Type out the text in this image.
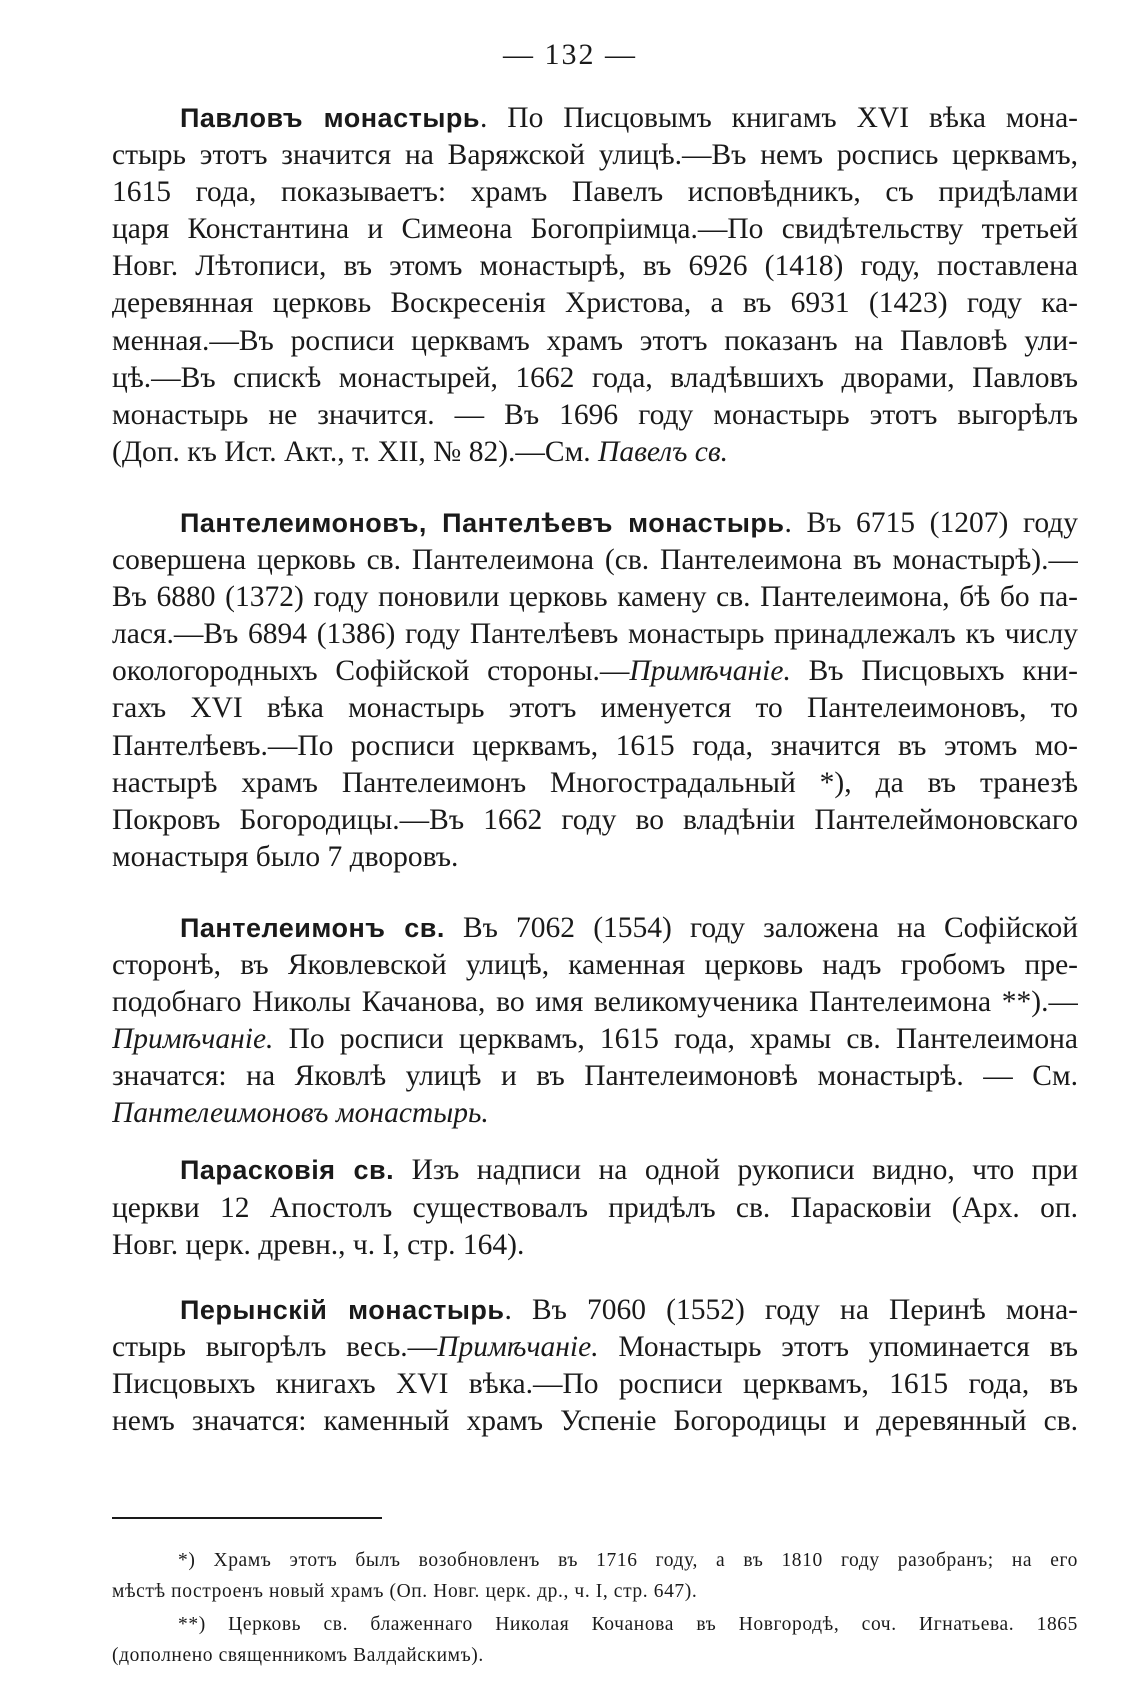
— 132 —
Павловъ монастырь. По Писцовымъ книгамъ XVI вѣка мона-
стырь этотъ значится на Варяжской улицѣ.—Въ немъ роспись церквамъ,
1615 года, показываетъ: храмъ Павелъ исповѣдникъ, съ придѣлами
царя Константина и Симеона Богопріимца.—По свидѣтельству третьей
Новг. Лѣтописи, въ этомъ монастырѣ, въ 6926 (1418) году, поставлена
деревянная церковь Воскресенія Христова, а въ 6931 (1423) году ка-
менная.—Въ росписи церквамъ храмъ этотъ показанъ на Павловѣ ули-
цѣ.—Въ спискѣ монастырей, 1662 года, владѣвшихъ дворами, Павловъ
монастырь не значится. — Въ 1696 году монастырь этотъ выгорѣлъ
(Доп. къ Ист. Акт., т. XII, № 82).—См. Павелъ св.
Пантелеимоновъ, Пантелѣевъ монастырь. Въ 6715 (1207) году
совершена церковь св. Пантелеимона (св. Пантелеимона въ монастырѣ).—
Въ 6880 (1372) году поновили церковь камену св. Пантелеимона, бѣ бо па-
лася.—Въ 6894 (1386) году Пантелѣевъ монастырь принадлежалъ къ числу
окологородныхъ Софійской стороны.—Примѣчаніе. Въ Писцовыхъ кни-
гахъ XVI вѣка монастырь этотъ именуется то Пантелеимоновъ, то
Пантелѣевъ.—По росписи церквамъ, 1615 года, значится въ этомъ мо-
настырѣ храмъ Пантелеимонъ Многострадальный *), да въ транезѣ
Покровъ Богородицы.—Въ 1662 году во владѣніи Пантелеймоновскаго
монастыря было 7 дворовъ.
Пантелеимонъ св. Въ 7062 (1554) году заложена на Софійской
сторонѣ, въ Яковлевской улицѣ, каменная церковь надъ гробомъ пре-
подобнаго Николы Качанова, во имя великомученика Пантелеимона **).—
Примѣчаніе. По росписи церквамъ, 1615 года, храмы св. Пантелеимона
значатся: на Яковлѣ улицѣ и въ Пантелеимоновѣ монастырѣ. — См.
Пантелеимоновъ монастырь.
Парасковія св. Изъ надписи на одной рукописи видно, что при
церкви 12 Апостолъ существовалъ придѣлъ св. Парасковіи (Арх. оп.
Новг. церк. древн., ч. I, стр. 164).
Перынскій монастырь. Въ 7060 (1552) году на Перинѣ мона-
стырь выгорѣлъ весь.—Примѣчаніе. Монастырь этотъ упоминается въ
Писцовыхъ книгахъ XVI вѣка.—По росписи церквамъ, 1615 года, въ
немъ значатся: каменный храмъ Успеніе Богородицы и деревянный св.
*) Храмъ этотъ былъ возобновленъ въ 1716 году, а въ 1810 году разобранъ; на его
мѣстѣ построенъ новый храмъ (Оп. Новг. церк. др., ч. I, стр. 647).
**) Церковь св. блаженнаго Николая Кочанова въ Новгородѣ, соч. Игнатьева. 1865
(дополнено священникомъ Валдайскимъ).
